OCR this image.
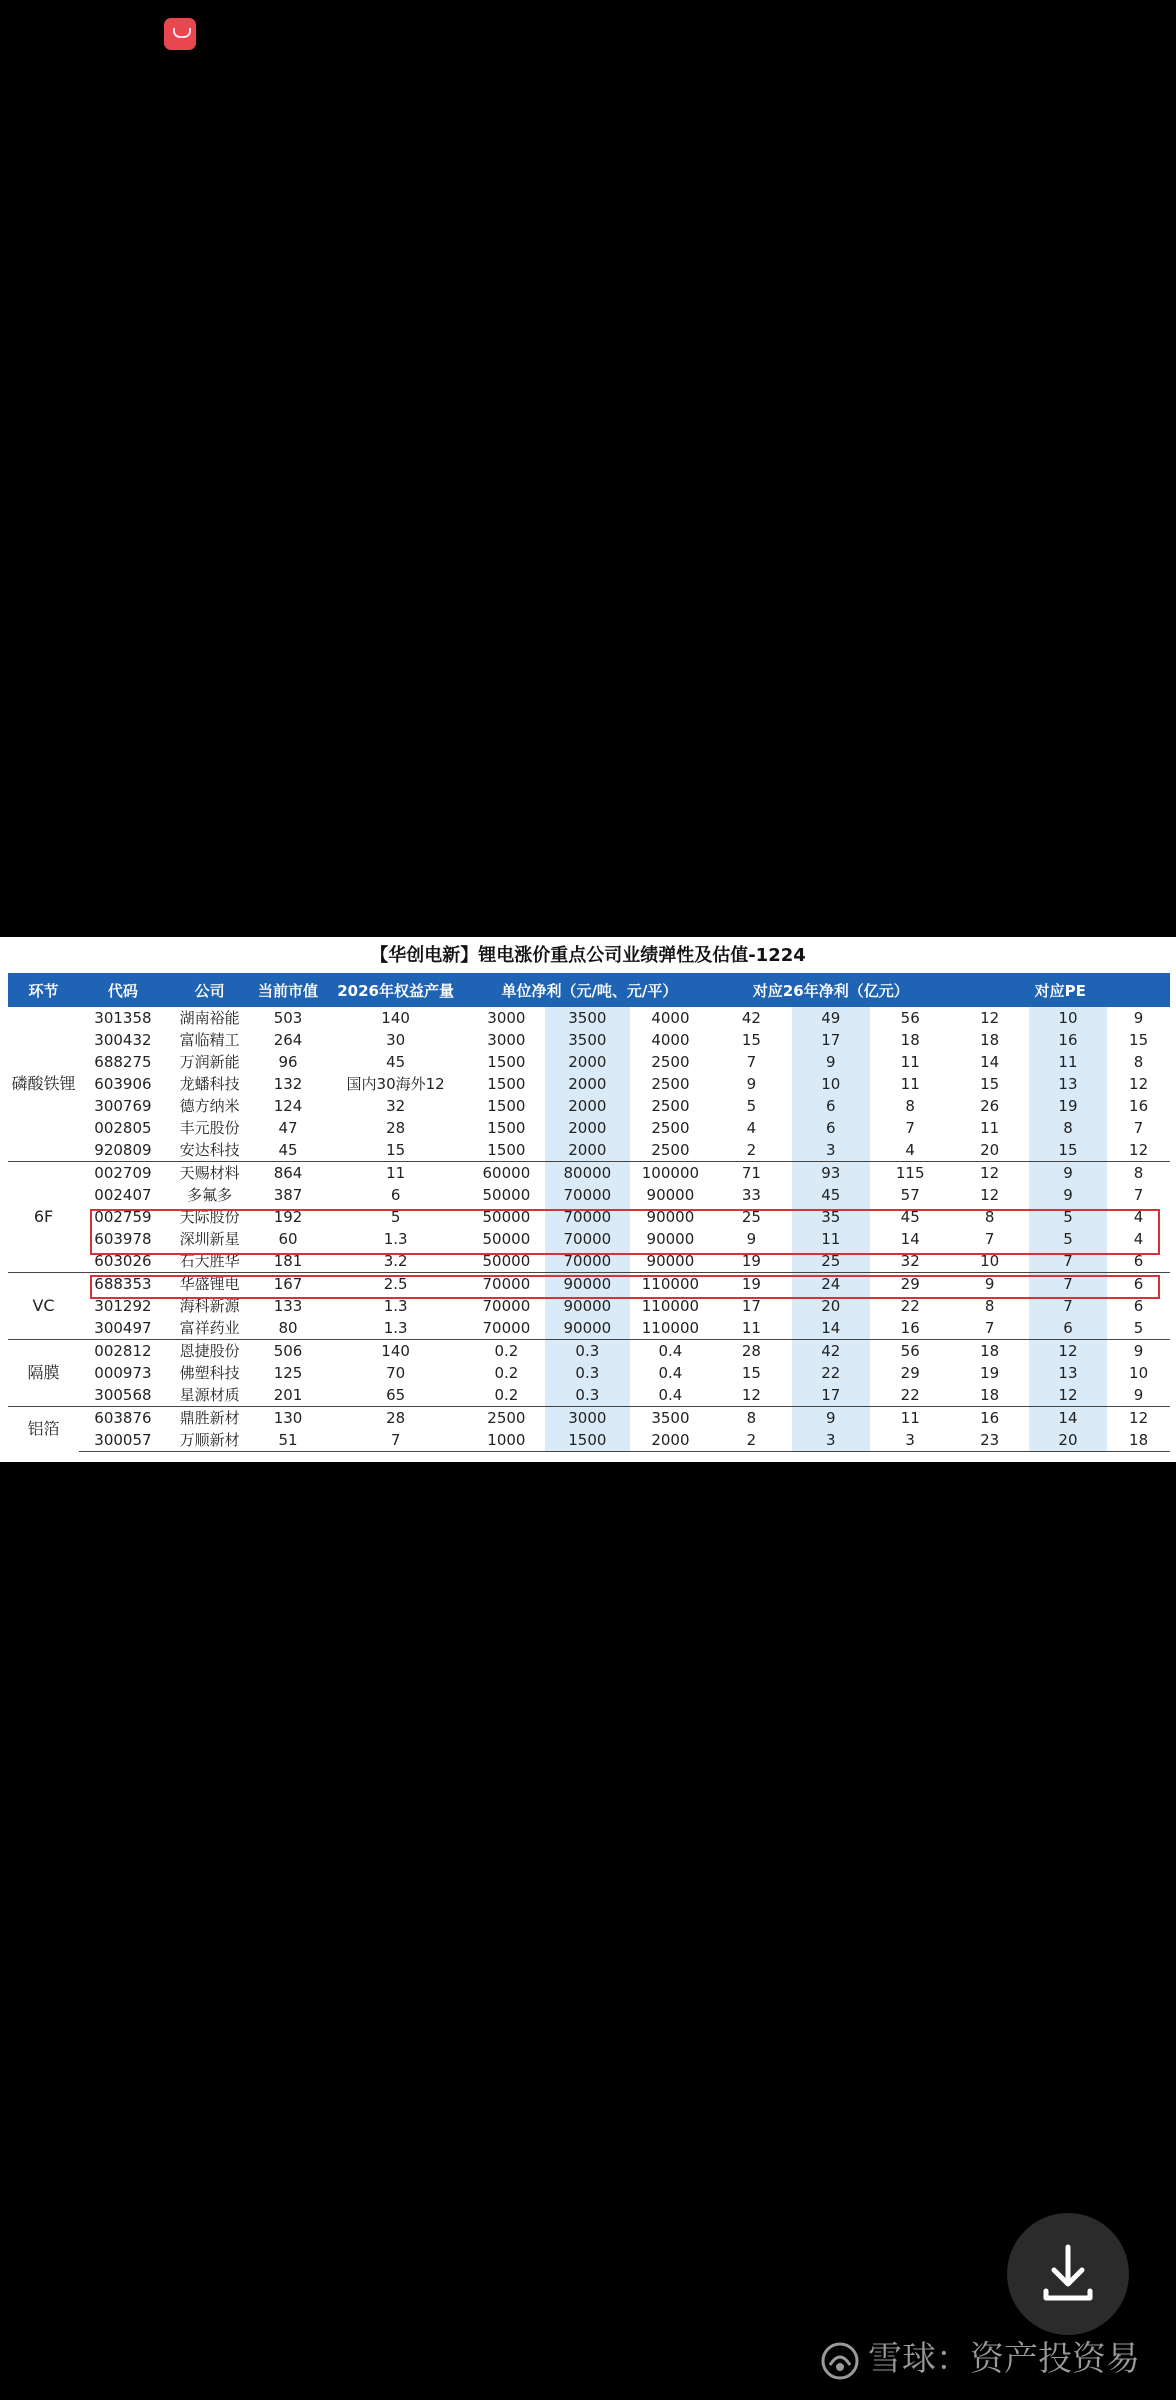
【华创电新】锂电涨价重点公司业绩弹性及估值-1224
环节	代码	公司	当前市值	2026年权益产量	单位净利（元/吨、元/平）			对应26年净利（亿元）			对应PE		
磷酸铁锂	301358	湖南裕能	503	140	3000	3500	4000	42	49	56	12	10	9
	300432	富临精工	264	30	3000	3500	4000	15	17	18	18	16	15
	688275	万润新能	96	45	1500	2000	2500	7	9	11	14	11	8
	603906	龙蟠科技	132	国内30海外12	1500	2000	2500	9	10	11	15	13	12
	300769	德方纳米	124	32	1500	2000	2500	5	6	8	26	19	16
	002805	丰元股份	47	28	1500	2000	2500	4	6	7	11	8	7
	920809	安达科技	45	15	1500	2000	2500	2	3	4	20	15	12
6F	002709	天赐材料	864	11	60000	80000	100000	71	93	115	12	9	8
	002407	多氟多	387	6	50000	70000	90000	33	45	57	12	9	7
	002759	天际股份	192	5	50000	70000	90000	25	35	45	8	5	4
	603978	深圳新星	60	1.3	50000	70000	90000	9	11	14	7	5	4
	603026	石大胜华	181	3.2	50000	70000	90000	19	25	32	10	7	6
VC	688353	华盛锂电	167	2.5	70000	90000	110000	19	24	29	9	7	6
	301292	海科新源	133	1.3	70000	90000	110000	17	20	22	8	7	6
	300497	富祥药业	80	1.3	70000	90000	110000	11	14	16	7	6	5
隔膜	002812	恩捷股份	506	140	0.2	0.3	0.4	28	42	56	18	12	9
	000973	佛塑科技	125	70	0.2	0.3	0.4	15	22	29	19	13	10
	300568	星源材质	201	65	0.2	0.3	0.4	12	17	22	18	12	9
铝箔	603876	鼎胜新材	130	28	2500	3000	3500	8	9	11	16	14	12
	300057	万顺新材	51	7	1000	1500	2000	2	3	3	23	20	18
雪球：资产投资易
